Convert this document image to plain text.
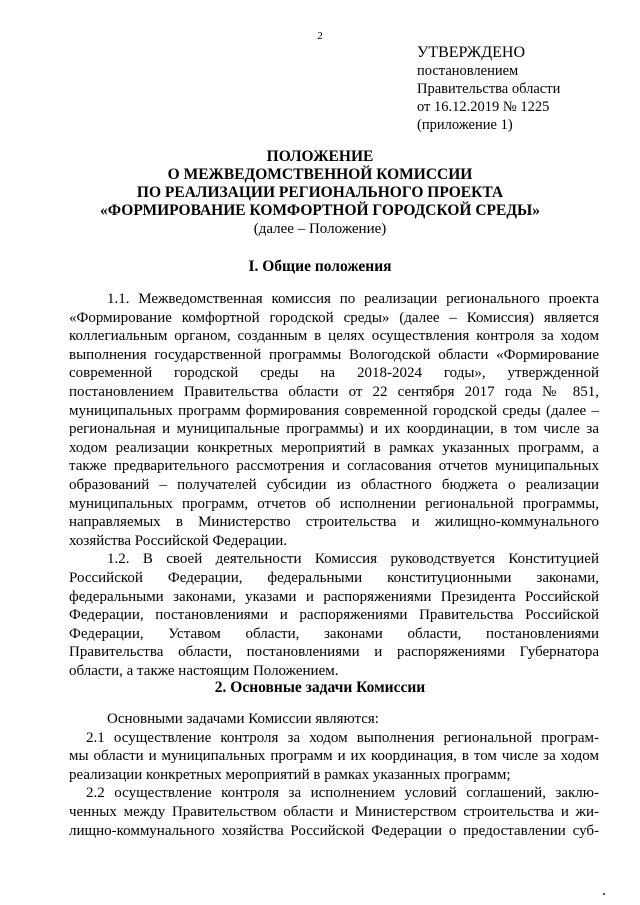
2
УТВЕРЖДЕНО
постановлением
Правительства области
от 16.12.2019 № 1225
(приложение 1)
ПОЛОЖЕНИЕ
О МЕЖВЕДОМСТВЕННОЙ КОМИССИИ
ПО РЕАЛИЗАЦИИ РЕГИОНАЛЬНОГО ПРОЕКТА
«ФОРМИРОВАНИЕ КОМФОРТНОЙ ГОРОДСКОЙ СРЕДЫ»
(далее – Положение)
I. Общие положения
1.1. Межведомственная комиссия по реализации регионального проекта
«Формирование комфортной городской среды» (далее – Комиссия) является
коллегиальным органом, созданным в целях осуществления контроля за ходом
выполнения государственной программы Вологодской области «Формирование
современной городской среды на 2018-2024 годы», утвержденной
постановлением Правительства области от 22 сентября 2017 года № 851,
муниципальных программ формирования современной городской среды (далее –
региональная и муниципальные программы) и их координации, в том числе за
ходом реализации конкретных мероприятий в рамках указанных программ, а
также предварительного рассмотрения и согласования отчетов муниципальных
образований – получателей субсидии из областного бюджета о реализации
муниципальных программ, отчетов об исполнении региональной программы,
направляемых в Министерство строительства и жилищно-коммунального
хозяйства Российской Федерации.
1.2. В своей деятельности Комиссия руководствуется Конституцией
Российской Федерации, федеральными конституционными законами,
федеральными законами, указами и распоряжениями Президента Российской
Федерации, постановлениями и распоряжениями Правительства Российской
Федерации, Уставом области, законами области, постановлениями
Правительства области, постановлениями и распоряжениями Губернатора
области, а также настоящим Положением.
2. Основные задачи Комиссии
Основными задачами Комиссии являются:
2.1 осуществление контроля за ходом выполнения региональной програм-
мы области и муниципальных программ и их координация, в том числе за ходом
реализации конкретных мероприятий в рамках указанных программ;
2.2 осуществление контроля за исполнением условий соглашений, заклю-
ченных между Правительством области и Министерством строительства и жи-
лищно-коммунального хозяйства Российской Федерации о предоставлении суб-
